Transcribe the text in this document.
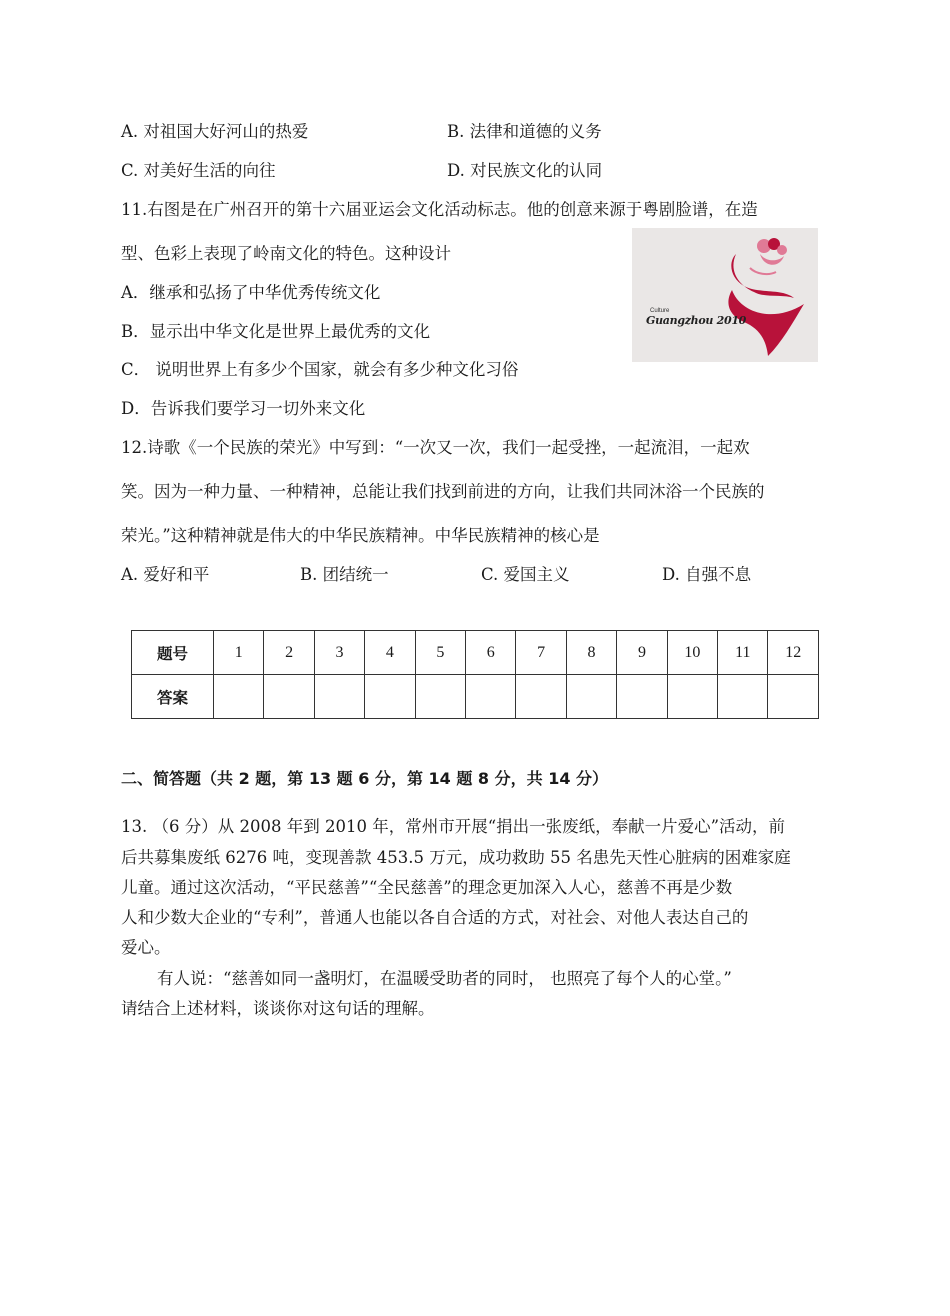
A. 对祖国大好河山的热爱	B. 法律和道德的义务
C. 对美好生活的向往	D. 对民族文化的认同
11.右图是在广州召开的第十六届亚运会文化活动标志。他的创意来源于粤剧脸谱，在造
型、色彩上表现了岭南文化的特色。这种设计
A．继承和弘扬了中华优秀传统文化
B．显示出中华文化是世界上最优秀的文化
C． 说明世界上有多少个国家，就会有多少种文化习俗
D．告诉我们要学习一切外来文化
Culture
Guangzhou 2010
12.诗歌《一个民族的荣光》中写到：“一次又一次，我们一起受挫，一起流泪，一起欢
笑。因为一种力量、一种精神，总能让我们找到前进的方向，让我们共同沐浴一个民族的
荣光。”这种精神就是伟大的中华民族精神。中华民族精神的核心是
A. 爱好和平	B. 团结统一	C. 爱国主义	D. 自强不息
题号	1	2	3	4	5	6	7	8	9	10	11	12
答案												
二、简答题（共 2 题，第 13 题 6 分，第 14 题 8 分，共 14 分）
13. （6 分）从 2008 年到 2010 年，常州市开展“捐出一张废纸，奉献一片爱心”活动，前
后共募集废纸 6276 吨，变现善款 453.5 万元，成功救助 55 名患先天性心脏病的困难家庭
儿童。通过这次活动，“平民慈善”“全民慈善”的理念更加深入人心，慈善不再是少数
人和少数大企业的“专利”，普通人也能以各自合适的方式，对社会、对他人表达自己的
爱心。
有人说：“慈善如同一盏明灯，在温暖受助者的同时， 也照亮了每个人的心堂。”
请结合上述材料，谈谈你对这句话的理解。
